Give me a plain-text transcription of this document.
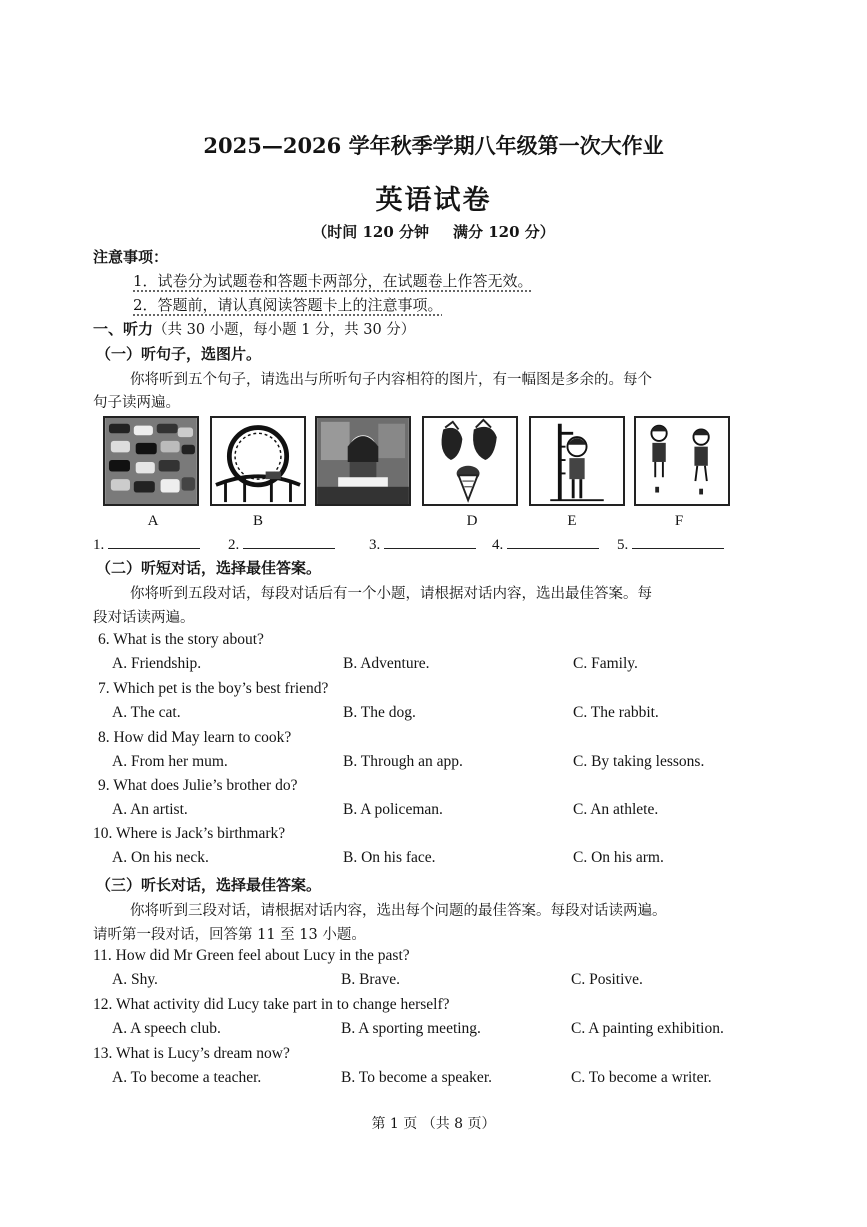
2025—2026 学年秋季学期八年级第一次大作业
英语试卷
（时间 120 分钟 满分 120 分）
注意事项：
1．试卷分为试题卷和答题卡两部分，在试题卷上作答无效。
2．答题前，请认真阅读答题卡上的注意事项。
一、听力（共 30 小题，每小题 1 分，共 30 分）
（一）听句子，选图片。
你将听到五个句子，请选出与所听句子内容相符的图片，有一幅图是多余的。每个
句子读两遍。
A	B	D	E	F
1.	2.	3.	4.	5.
（二）听短对话，选择最佳答案。
你将听到五段对话，每段对话后有一个小题，请根据对话内容，选出最佳答案。每
段对话读两遍。
6. What is the story about?
A. Friendship.	B. Adventure.	C. Family.
7. Which pet is the boy’s best friend?
A. The cat.	B. The dog.	C. The rabbit.
8. How did May learn to cook?
A. From her mum.	B. Through an app.	C. By taking lessons.
9. What does Julie’s brother do?
A. An artist.	B. A policeman.	C. An athlete.
10. Where is Jack’s birthmark?
A. On his neck.	B. On his face.	C. On his arm.
（三）听长对话，选择最佳答案。
你将听到三段对话，请根据对话内容，选出每个问题的最佳答案。每段对话读两遍。
请听第一段对话，回答第 11 至 13 小题。
11. How did Mr Green feel about Lucy in the past?
A. Shy.	B. Brave.	C. Positive.
12. What activity did Lucy take part in to change herself?
A. A speech club.	B. A sporting meeting.	C. A painting exhibition.
13. What is Lucy’s dream now?
A. To become a teacher.	B. To become a speaker.	C. To become a writer.
第 1 页 （共 8 页）
